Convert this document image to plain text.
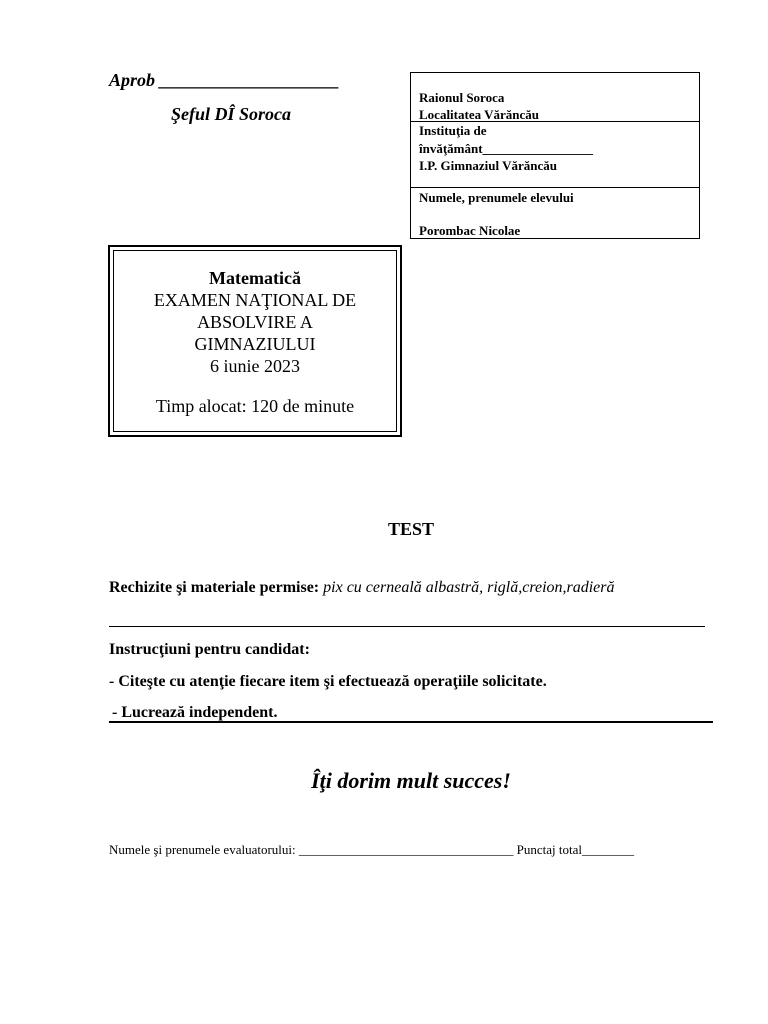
Aprob ____________________
Şeful DÎ Soroca
Raionul Soroca
Localitatea Vărăncău
Instituţia de
învăţământ_________________
I.P. Gimnaziul Vărăncău
Numele, prenumele elevului
Porombac Nicolae
Matematică
EXAMEN NAŢIONAL DE
ABSOLVIRE A
GIMNAZIULUI
6 iunie 2023
Timp alocat: 120 de minute
TEST
Rechizite şi materiale permise: pix cu cerneală albastră, riglă,creion,radieră
Instrucţiuni pentru candidat:
- Citeşte cu atenţie fiecare item şi efectuează operaţiile solicitate.
- Lucrează independent.
Îţi dorim mult succes!
Numele şi prenumele evaluatorului: _________________________________ Punctaj total________
